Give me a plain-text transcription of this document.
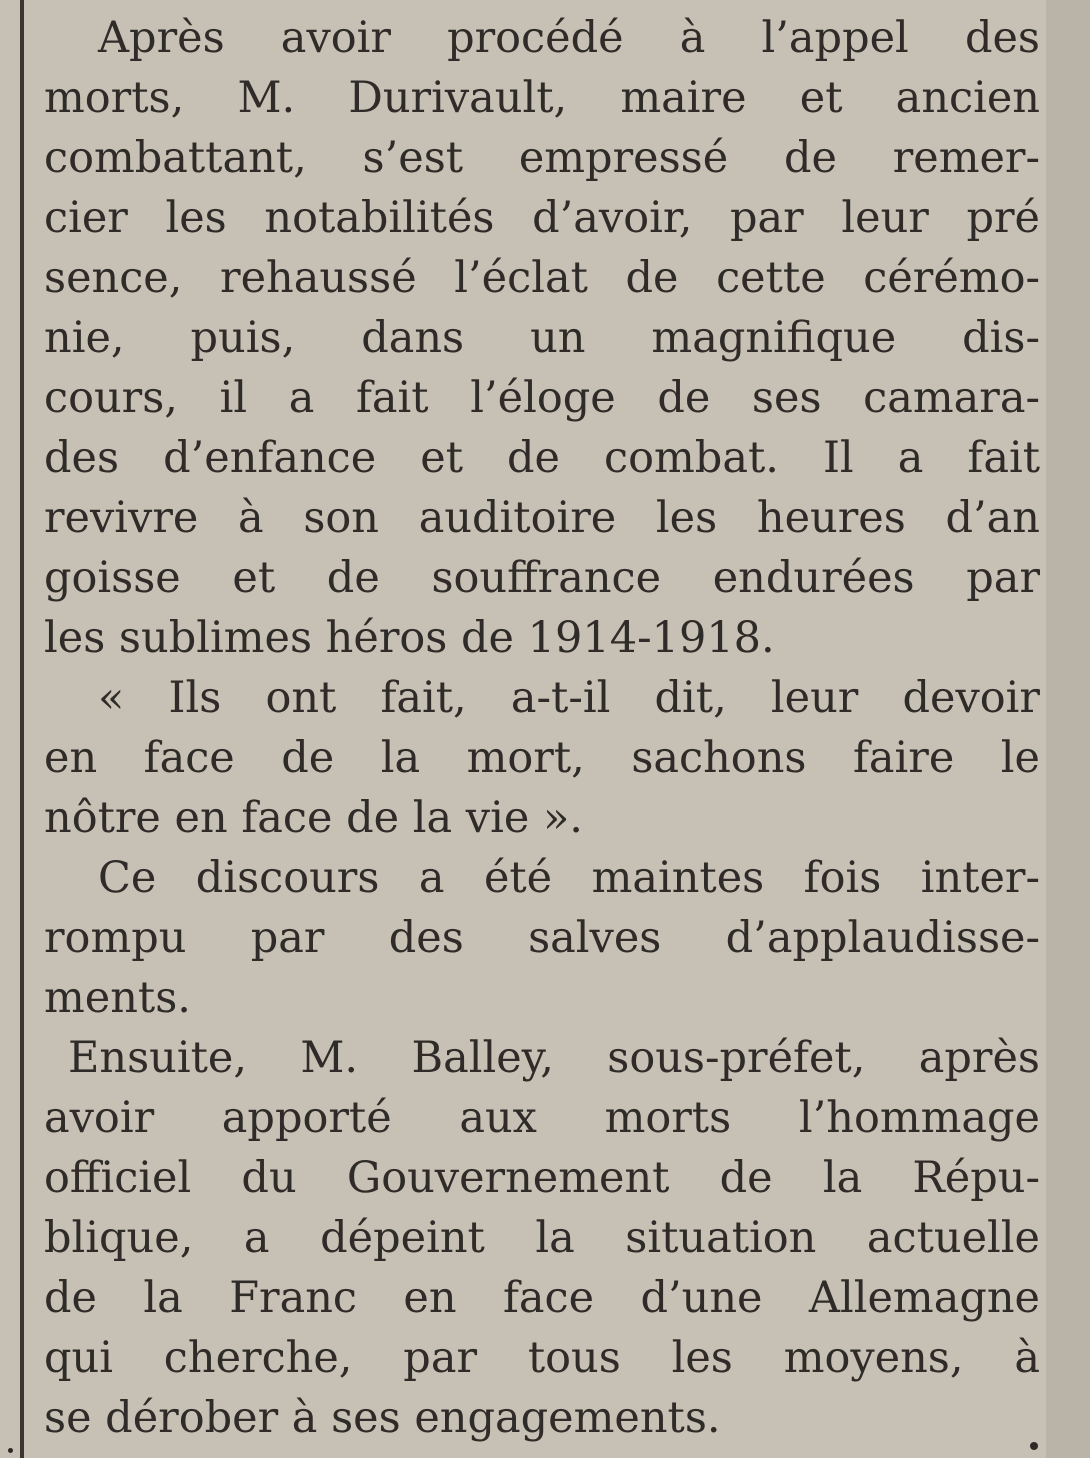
Après avoir procédé à l’appel des
morts, M. Durivault, maire et ancien
combattant, s’est empressé de remer-
cier les notabilités d’avoir, par leur pré
sence, rehaussé l’éclat de cette cérémo-
nie, puis, dans un magnifique dis-
cours, il a fait l’éloge de ses camara-
des d’enfance et de combat. Il a fait
revivre à son auditoire les heures d’an
goisse et de souffrance endurées par
les sublimes héros de 1914-1918.

« Ils ont fait, a-t-il dit, leur devoir
en face de la mort, sachons faire le
nôtre en face de la vie ».

Ce discours a été maintes fois inter-
rompu par des salves d’applaudisse-
ments.

Ensuite, M. Balley, sous-préfet, après
avoir apporté aux morts l’hommage
officiel du Gouvernement de la Répu-
blique, a dépeint la situation actuelle
de la Franc en face d’une Allemagne
qui cherche, par tous les moyens, à
se dérober à ses engagements.
